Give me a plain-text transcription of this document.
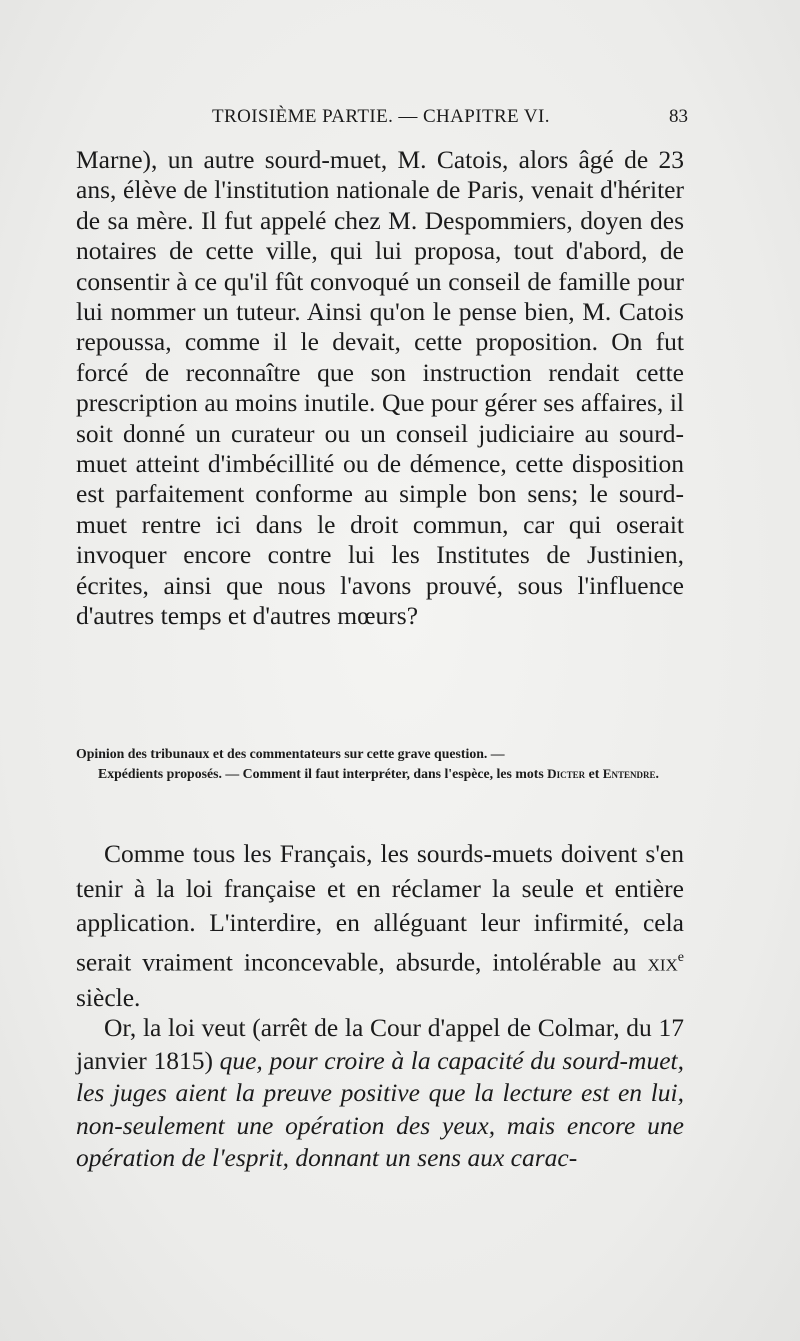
TROISIÈME PARTIE. — CHAPITRE VI.	83

Marne), un autre sourd-muet, M. Catois, alors âgé de 23 ans, élève de l'institution nationale de Paris, venait d'hériter de sa mère. Il fut appelé chez M. Despommiers, doyen des notaires de cette ville, qui lui proposa, tout d'abord, de consentir à ce qu'il fût convoqué un conseil de famille pour lui nommer un tuteur. Ainsi qu'on le pense bien, M. Catois repoussa, comme il le devait, cette proposition. On fut forcé de reconnaître que son instruction rendait cette prescription au moins inutile. Que pour gérer ses affaires, il soit donné un curateur ou un conseil judiciaire au sourd-muet atteint d'imbécillité ou de démence, cette disposition est parfaitement conforme au simple bon sens; le sourd-muet rentre ici dans le droit commun, car qui oserait invoquer encore contre lui les Institutes de Justinien, écrites, ainsi que nous l'avons prouvé, sous l'influence d'autres temps et d'autres mœurs?

Opinion des tribunaux et des commentateurs sur cette grave question. —
Expédients proposés. — Comment il faut interpréter, dans l'espèce, les mots Dicter et Entendre.

Comme tous les Français, les sourds-muets doivent s'en tenir à la loi française et en réclamer la seule et entière application. L'interdire, en alléguant leur infirmité, cela serait vraiment inconcevable, absurde, intolérable au xix$^e$ siècle.

Or, la loi veut (arrêt de la Cour d'appel de Colmar, du 17 janvier 1815) que, pour croire à la capacité du sourd-muet, les juges aient la preuve positive que la lecture est en lui, non-seulement une opération des yeux, mais encore une opération de l'esprit, donnant un sens aux carac-
